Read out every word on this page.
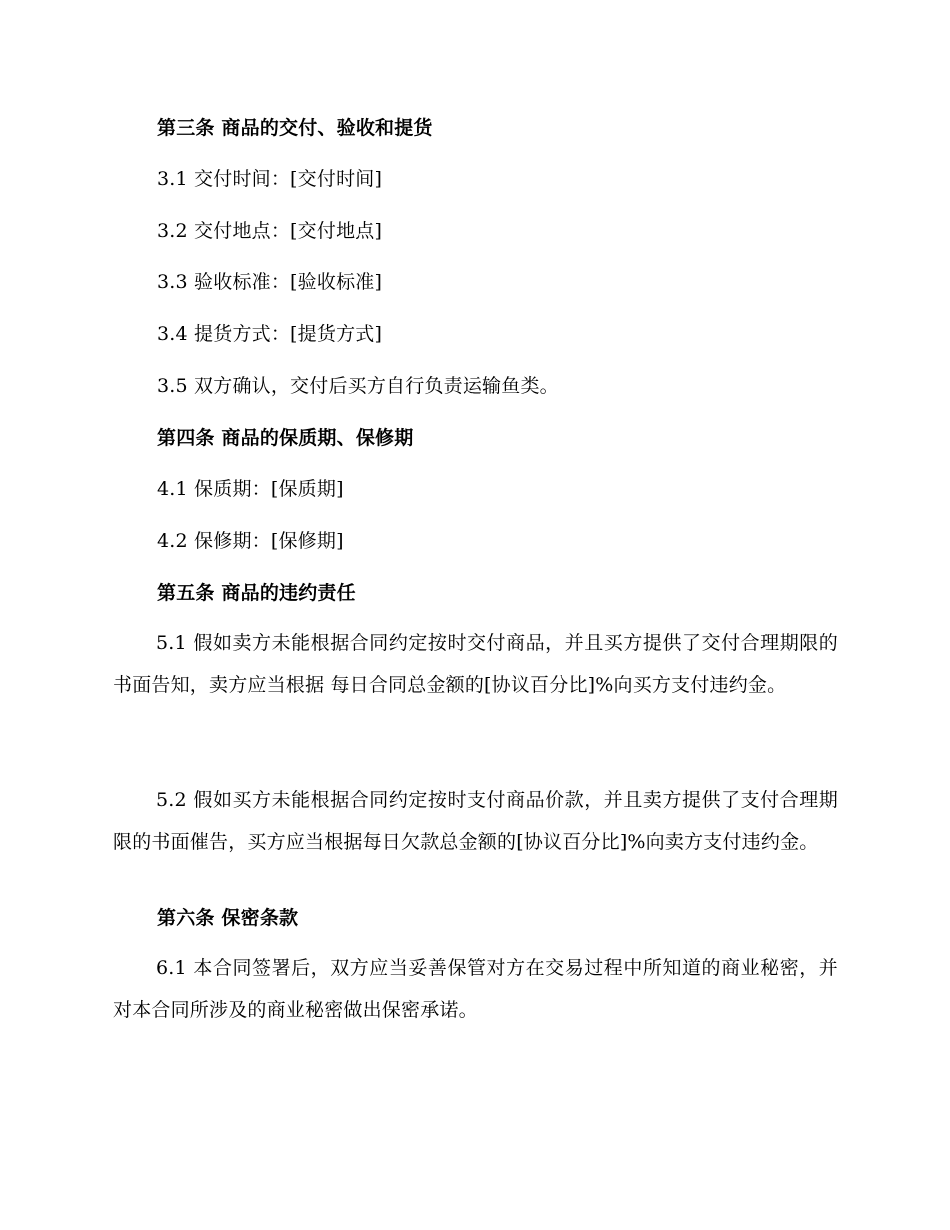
第三条 商品的交付、验收和提货

3.1 交付时间：[交付时间]

3.2 交付地点：[交付地点]

3.3 验收标准：[验收标准]

3.4 提货方式：[提货方式]

3.5 双方确认，交付后买方自行负责运输鱼类。

第四条 商品的保质期、保修期

4.1 保质期：[保质期]

4.2 保修期：[保修期]

第五条 商品的违约责任

5.1 假如卖方未能根据合同约定按时交付商品，并且买方提供了交付合理期限的书面告知，卖方应当根据 每日合同总金额的[协议百分比]%向买方支付违约金。

5.2 假如买方未能根据合同约定按时支付商品价款，并且卖方提供了支付合理期限的书面催告，买方应当根据每日欠款总金额的[协议百分比]%向卖方支付违约金。

第六条 保密条款

6.1 本合同签署后，双方应当妥善保管对方在交易过程中所知道的商业秘密，并对本合同所涉及的商业秘密做出保密承诺。
